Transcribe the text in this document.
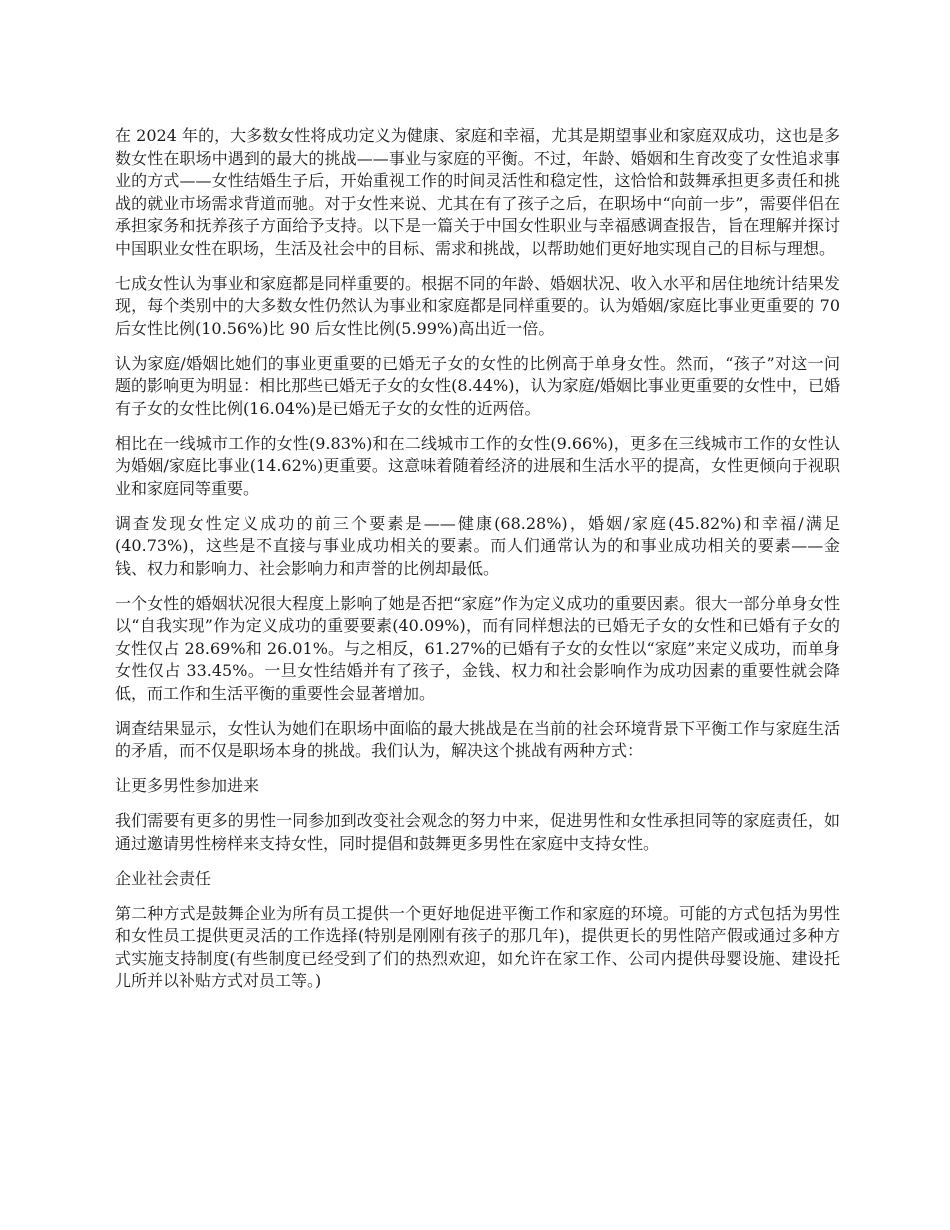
在 2024 年的，大多数女性将成功定义为健康、家庭和幸福，尤其是期望事业和家庭双成功，这也是多数女性在职场中遇到的最大的挑战——事业与家庭的平衡。不过，年龄、婚姻和生育改变了女性追求事业的方式——女性结婚生子后，开始重视工作的时间灵活性和稳定性，这恰恰和鼓舞承担更多责任和挑战的就业市场需求背道而驰。对于女性来说、尤其在有了孩子之后，在职场中“向前一步”，需要伴侣在承担家务和抚养孩子方面给予支持。以下是一篇关于中国女性职业与幸福感调查报告，旨在理解并探讨中国职业女性在职场，生活及社会中的目标、需求和挑战，以帮助她们更好地实现自己的目标与理想。

七成女性认为事业和家庭都是同样重要的。根据不同的年龄、婚姻状况、收入水平和居住地统计结果发现，每个类别中的大多数女性仍然认为事业和家庭都是同样重要的。认为婚姻/家庭比事业更重要的 70 后女性比例(10.56%)比 90 后女性比例(5.99%)高出近一倍。

认为家庭/婚姻比她们的事业更重要的已婚无子女的女性的比例高于单身女性。然而，“孩子”对这一问题的影响更为明显：相比那些已婚无子女的女性(8.44%)，认为家庭/婚姻比事业更重要的女性中，已婚有子女的女性比例(16.04%)是已婚无子女的女性的近两倍。

相比在一线城市工作的女性(9.83%)和在二线城市工作的女性(9.66%)，更多在三线城市工作的女性认为婚姻/家庭比事业(14.62%)更重要。这意味着随着经济的进展和生活水平的提高，女性更倾向于视职业和家庭同等重要。

调查发现女性定义成功的前三个要素是——健康(68.28%)，婚姻/家庭(45.82%)和幸福/满足(40.73%)，这些是不直接与事业成功相关的要素。而人们通常认为的和事业成功相关的要素——金钱、权力和影响力、社会影响力和声誉的比例却最低。

一个女性的婚姻状况很大程度上影响了她是否把“家庭”作为定义成功的重要因素。很大一部分单身女性以“自我实现”作为定义成功的重要要素(40.09%)，而有同样想法的已婚无子女的女性和已婚有子女的女性仅占 28.69%和 26.01%。与之相反，61.27%的已婚有子女的女性以“家庭”来定义成功，而单身女性仅占 33.45%。一旦女性结婚并有了孩子，金钱、权力和社会影响作为成功因素的重要性就会降低，而工作和生活平衡的重要性会显著增加。

调查结果显示，女性认为她们在职场中面临的最大挑战是在当前的社会环境背景下平衡工作与家庭生活的矛盾，而不仅是职场本身的挑战。我们认为，解决这个挑战有两种方式：

让更多男性参加进来

我们需要有更多的男性一同参加到改变社会观念的努力中来，促进男性和女性承担同等的家庭责任，如通过邀请男性榜样来支持女性，同时提倡和鼓舞更多男性在家庭中支持女性。

企业社会责任

第二种方式是鼓舞企业为所有员工提供一个更好地促进平衡工作和家庭的环境。可能的方式包括为男性和女性员工提供更灵活的工作选择(特别是刚刚有孩子的那几年)，提供更长的男性陪产假或通过多种方式实施支持制度(有些制度已经受到了们的热烈欢迎，如允许在家工作、公司内提供母婴设施、建设托儿所并以补贴方式对员工等。)
